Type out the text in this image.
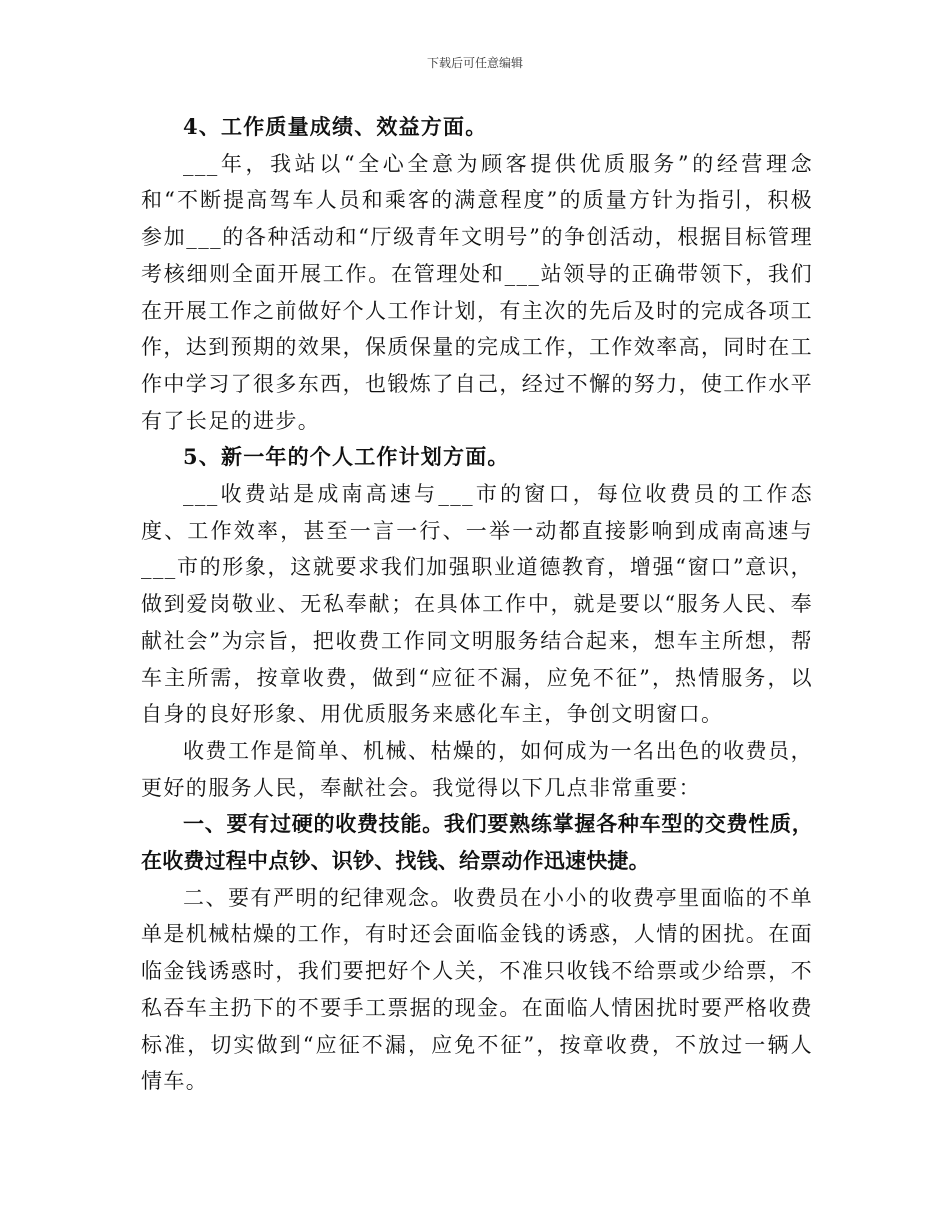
下载后可任意编辑

4、工作质量成绩、效益方面。

___年，我站以“全心全意为顾客提供优质服务”的经营理念和“不断提高驾车人员和乘客的满意程度”的质量方针为指引，积极参加___的各种活动和“厅级青年文明号”的争创活动，根据目标管理考核细则全面开展工作。在管理处和___站领导的正确带领下，我们在开展工作之前做好个人工作计划，有主次的先后及时的完成各项工作，达到预期的效果，保质保量的完成工作，工作效率高，同时在工作中学习了很多东西，也锻炼了自己，经过不懈的努力，使工作水平有了长足的进步。

5、新一年的个人工作计划方面。

___收费站是成南高速与___市的窗口，每位收费员的工作态度、工作效率，甚至一言一行、一举一动都直接影响到成南高速与___市的形象，这就要求我们加强职业道德教育，增强“窗口”意识，做到爱岗敬业、无私奉献；在具体工作中，就是要以“服务人民、奉献社会”为宗旨，把收费工作同文明服务结合起来，想车主所想，帮车主所需，按章收费，做到“应征不漏，应免不征”，热情服务，以自身的良好形象、用优质服务来感化车主，争创文明窗口。

收费工作是简单、机械、枯燥的，如何成为一名出色的收费员，更好的服务人民，奉献社会。我觉得以下几点非常重要：

一、要有过硬的收费技能。我们要熟练掌握各种车型的交费性质，在收费过程中点钞、识钞、找钱、给票动作迅速快捷。

二、要有严明的纪律观念。收费员在小小的收费亭里面临的不单单是机械枯燥的工作，有时还会面临金钱的诱惑，人情的困扰。在面临金钱诱惑时，我们要把好个人关，不准只收钱不给票或少给票，不私吞车主扔下的不要手工票据的现金。在面临人情困扰时要严格收费标准，切实做到“应征不漏，应免不征”，按章收费，不放过一辆人情车。
